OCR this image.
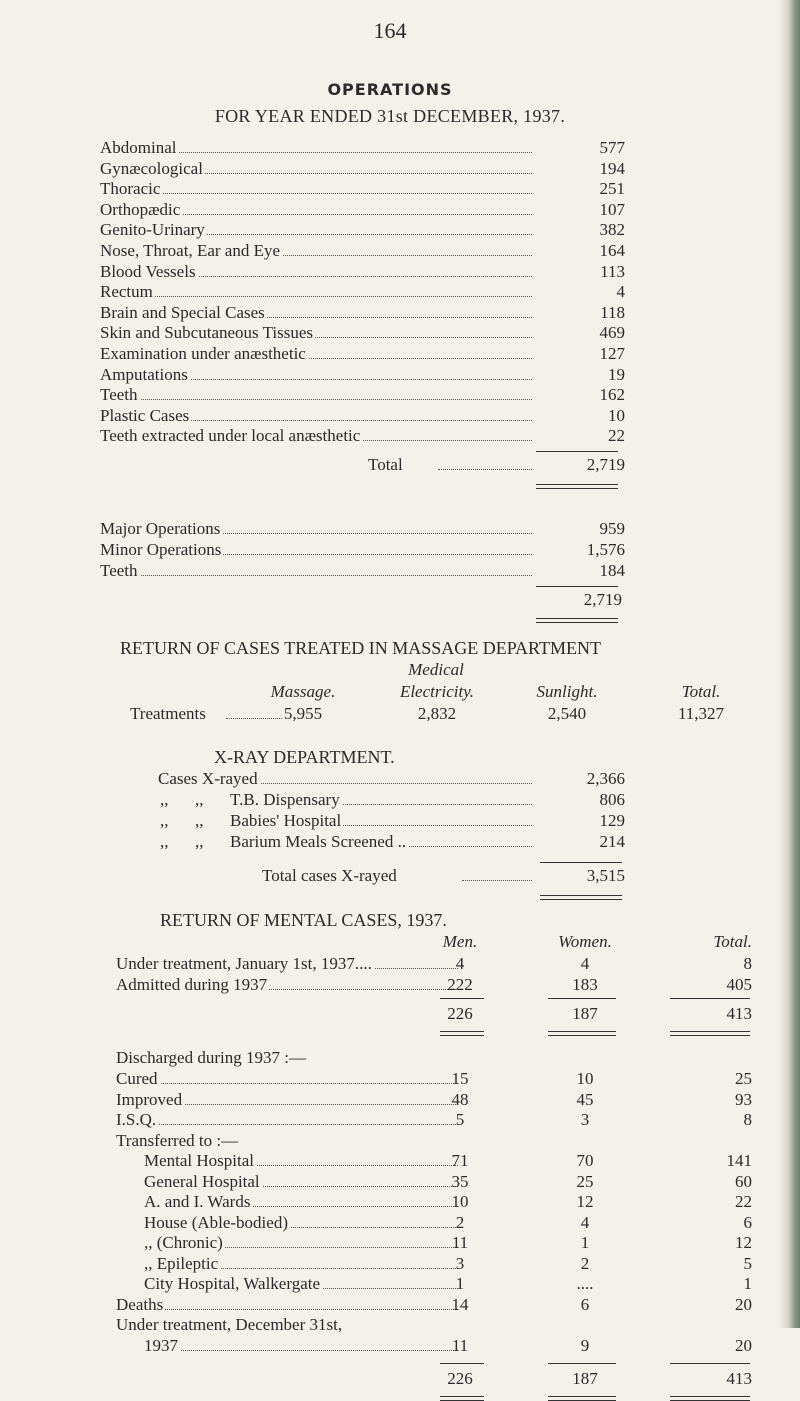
164
OPERATIONS
FOR YEAR ENDED 31st DECEMBER, 1937.
Abdominal	577
Gynæcological	194
Thoracic	251
Orthopædic	107
Genito-Urinary	382
Nose, Throat, Ear and Eye	164
Blood Vessels	113
Rectum	4
Brain and Special Cases	118
Skin and Subcutaneous Tissues	469
Examination under anæsthetic	127
Amputations	19
Teeth	162
Plastic Cases	10
Teeth extracted under local anæsthetic	22
Total	2,719
Major Operations	959
Minor Operations	1,576
Teeth	184
2,719
RETURN OF CASES TREATED IN MASSAGE DEPARTMENT
Medical
Massage.	Electricity.	Sunlight.	Total.
Treatments	5,955	2,832	2,540	11,327
X-RAY DEPARTMENT.
Cases X-rayed	2,366
,, ,, T.B. Dispensary	806
,, ,, Babies' Hospital	129
,, ,, Barium Meals Screened ..	214
Total cases X-rayed	3,515
RETURN OF MENTAL CASES, 1937.
Men.	Women.	Total.
Under treatment, January 1st, 1937....	4	4	8
Admitted during 1937	222	183	405
226	187	413
Discharged during 1937 :—
Cured	15	10	25
Improved	48	45	93
I.S.Q.	5	3	8
Transferred to :—
Mental Hospital	71	70	141
General Hospital	35	25	60
A. and I. Wards	10	12	22
House (Able-bodied)	2	4	6
,, (Chronic)	11	1	12
,, Epileptic	3	2	5
City Hospital, Walkergate	1	....	1
Deaths	14	6	20
Under treatment, December 31st,
1937	11	9	20
226	187	413
